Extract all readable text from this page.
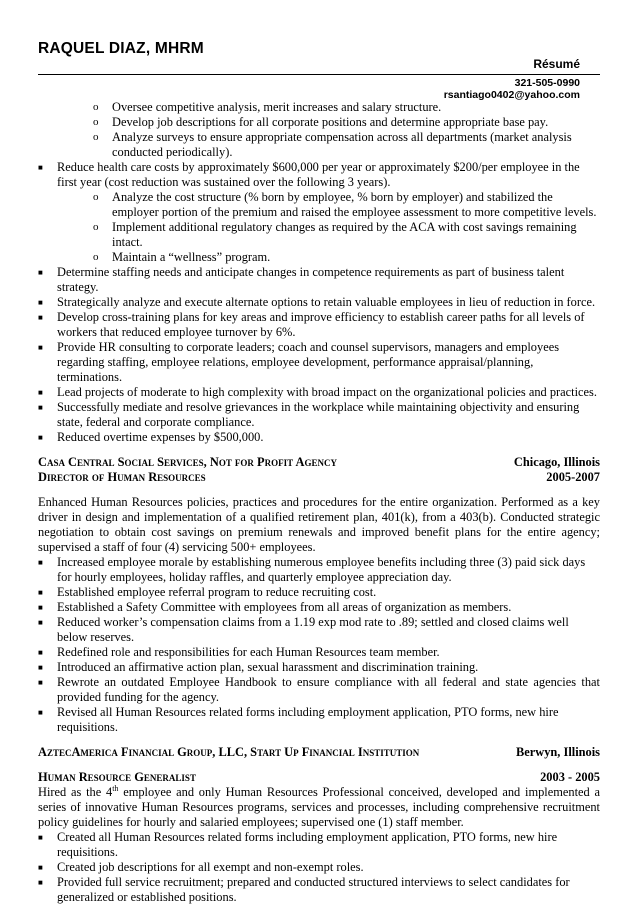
RAQUEL DIAZ, MHRM
Résumé
321-505-0990
rsantiago0402@yahoo.com
o Oversee competitive analysis, merit increases and salary structure.
o Develop job descriptions for all corporate positions and determine appropriate base pay.
o Analyze surveys to ensure appropriate compensation across all departments (market analysis conducted periodically).
■ Reduce health care costs by approximately $600,000 per year or approximately $200/per employee in the first year (cost reduction was sustained over the following 3 years).
o Analyze the cost structure (% born by employee, % born by employer) and stabilized the employer portion of the premium and raised the employee assessment to more competitive levels.
o Implement additional regulatory changes as required by the ACA with cost savings remaining intact.
o Maintain a “wellness” program.
■ Determine staffing needs and anticipate changes in competence requirements as part of business talent strategy.
■ Strategically analyze and execute alternate options to retain valuable employees in lieu of reduction in force.
■ Develop cross-training plans for key areas and improve efficiency to establish career paths for all levels of workers that reduced employee turnover by 6%.
■ Provide HR consulting to corporate leaders; coach and counsel supervisors, managers and employees regarding staffing, employee relations, employee development, performance appraisal/planning, terminations.
■ Lead projects of moderate to high complexity with broad impact on the organizational policies and practices.
■ Successfully mediate and resolve grievances in the workplace while maintaining objectivity and ensuring state, federal and corporate compliance.
■ Reduced overtime expenses by $500,000.
Casa Central Social Services, Not for Profit Agency	Chicago, Illinois
Director of Human Resources	2005-2007
Enhanced Human Resources policies, practices and procedures for the entire organization. Performed as a key driver in design and implementation of a qualified retirement plan, 401(k), from a 403(b). Conducted strategic negotiation to obtain cost savings on premium renewals and improved benefit plans for the entire agency; supervised a staff of four (4) servicing 500+ employees.
■ Increased employee morale by establishing numerous employee benefits including three (3) paid sick days for hourly employees, holiday raffles, and quarterly employee appreciation day.
■ Established employee referral program to reduce recruiting cost.
■ Established a Safety Committee with employees from all areas of organization as members.
■ Reduced worker’s compensation claims from a 1.19 exp mod rate to .89; settled and closed claims well below reserves.
■ Redefined role and responsibilities for each Human Resources team member.
■ Introduced an affirmative action plan, sexual harassment and discrimination training.
■ Rewrote an outdated Employee Handbook to ensure compliance with all federal and state agencies that provided funding for the agency.
■ Revised all Human Resources related forms including employment application, PTO forms, new hire requisitions.
AztecAmerica Financial Group, LLC, Start Up Financial Institution	Berwyn, Illinois
Human Resource Generalist	2003 - 2005
Hired as the 4th employee and only Human Resources Professional conceived, developed and implemented a series of innovative Human Resources programs, services and processes, including comprehensive recruitment policy guidelines for hourly and salaried employees; supervised one (1) staff member.
■ Created all Human Resources related forms including employment application, PTO forms, new hire requisitions.
■ Created job descriptions for all exempt and non-exempt roles.
■ Provided full service recruitment; prepared and conducted structured interviews to select candidates for generalized or established positions.
